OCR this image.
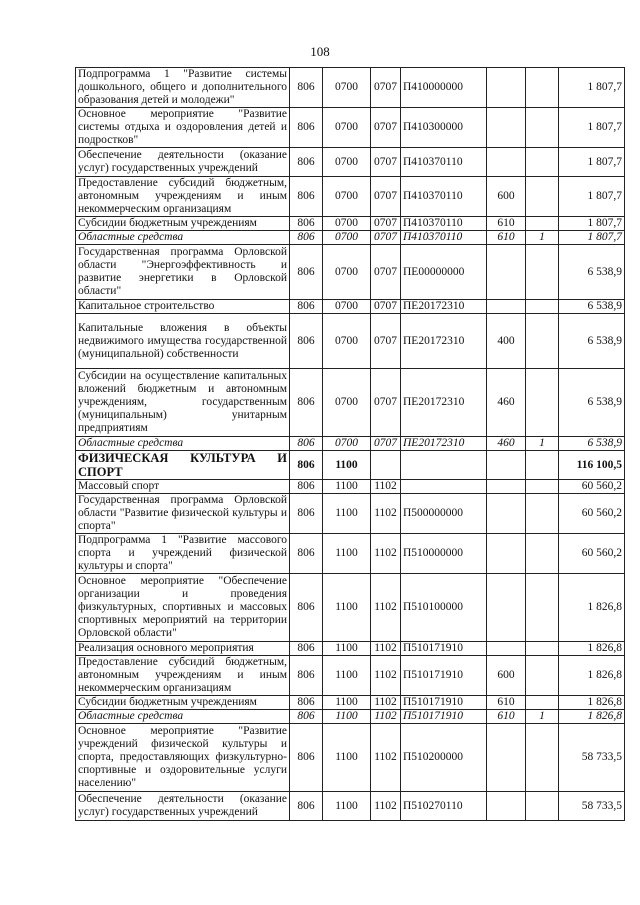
108
Подпрограмма 1 "Развитие системы дошкольного, общего и дополнительного образования детей и молодежи"	806	0700	0707	П410000000			1 807,7
Основное мероприятие "Развитие системы отдыха и оздоровления детей и подростков"	806	0700	0707	П410300000			1 807,7
Обеспечение деятельности (оказание услуг) государственных учреждений	806	0700	0707	П410370110			1 807,7
Предоставление субсидий бюджетным, автономным учреждениям и иным некоммерческим организациям	806	0700	0707	П410370110	600		1 807,7
Субсидии бюджетным учреждениям	806	0700	0707	П410370110	610		1 807,7
Областные средства	806	0700	0707	П410370110	610	1	1 807,7
Государственная программа Орловской области "Энергоэффективность и развитие энергетики в Орловской области"	806	0700	0707	ПЕ00000000			6 538,9
Капитальное строительство	806	0700	0707	ПЕ20172310			6 538,9
Капитальные вложения в объекты недвижимого имущества государственной (муниципальной) собственности	806	0700	0707	ПЕ20172310	400		6 538,9
Субсидии на осуществление капитальных вложений бюджетным и автономным учреждениям, государственным (муниципальным) унитарным предприятиям	806	0700	0707	ПЕ20172310	460		6 538,9
Областные средства	806	0700	0707	ПЕ20172310	460	1	6 538,9
ФИЗИЧЕСКАЯ КУЛЬТУРА И СПОРТ	806	1100					116 100,5
Массовый спорт	806	1100	1102				60 560,2
Государственная программа Орловской области "Развитие физической культуры и спорта"	806	1100	1102	П500000000			60 560,2
Подпрограмма 1 "Развитие массового спорта и учреждений физической культуры и спорта"	806	1100	1102	П510000000			60 560,2
Основное мероприятие "Обеспечение организации и проведения физкультурных, спортивных и массовых спортивных мероприятий на территории Орловской области"	806	1100	1102	П510100000			1 826,8
Реализация основного мероприятия	806	1100	1102	П510171910			1 826,8
Предоставление субсидий бюджетным, автономным учреждениям и иным некоммерческим организациям	806	1100	1102	П510171910	600		1 826,8
Субсидии бюджетным учреждениям	806	1100	1102	П510171910	610		1 826,8
Областные средства	806	1100	1102	П510171910	610	1	1 826,8
Основное мероприятие "Развитие учреждений физической культуры и спорта, предоставляющих физкультурно-спортивные и оздоровительные услуги населению"	806	1100	1102	П510200000			58 733,5
Обеспечение деятельности (оказание услуг) государственных учреждений	806	1100	1102	П510270110			58 733,5
